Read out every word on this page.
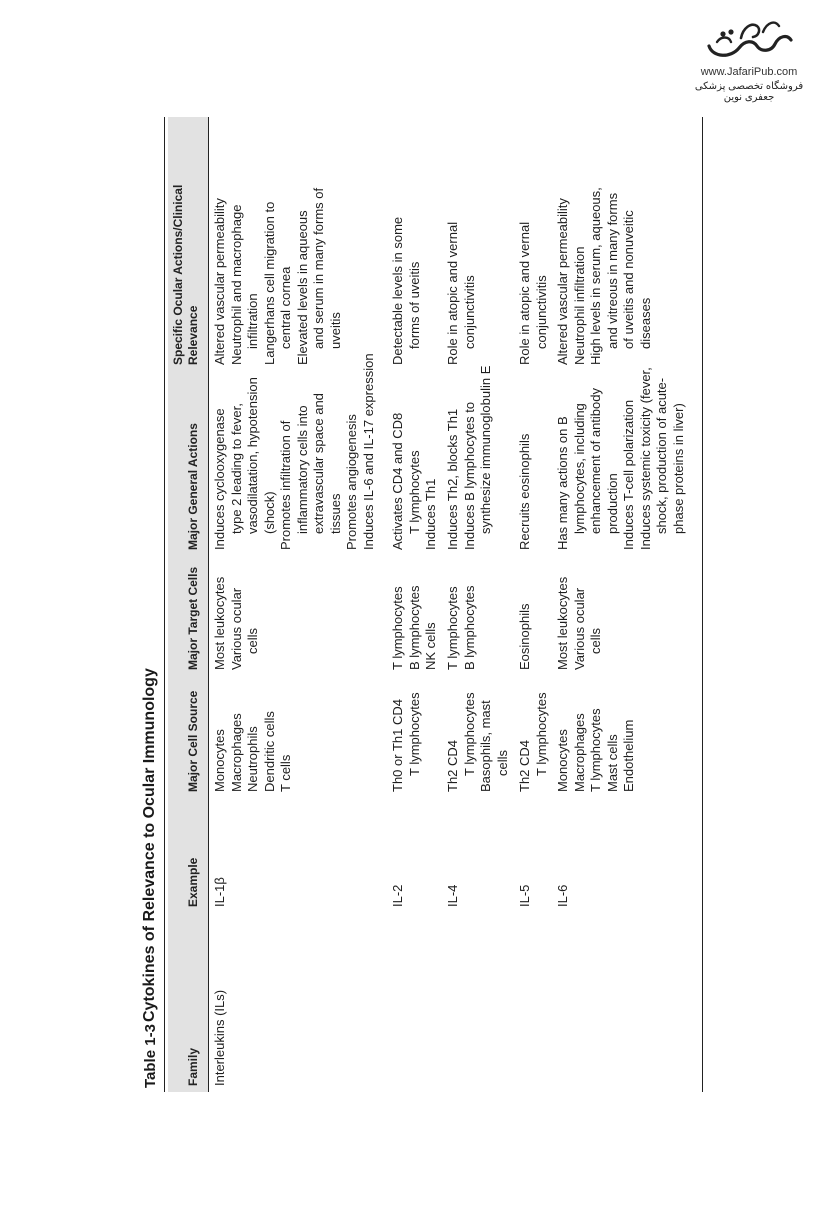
www.JafariPub.com
فروشگاه تخصصی پزشکی جعفری نوین
Table 1-3
Cytokines of Relevance to Ocular Immunology
Family
Example
Major Cell Source
Major Target Cells
Major General Actions
Specific Ocular Actions/Clinical Relevance
Interleukins (ILs)
IL-1β
Monocytes Macrophages Neutrophils Dendritic cells T cells
Most leukocytes Various ocular cells
Induces cyclooxygenase type 2 leading to fever, vasodilatation, hypotension (shock) Promotes infiltration of inflammatory cells into extravascular space and tissues Promotes angiogenesis Induces IL-6 and IL-17 expression
Altered vascular permeability Neutrophil and macrophage infiltration Langerhans cell migration to central cornea Elevated levels in aqueous and serum in many forms of uveitis
IL-2
Th0 or Th1 CD4 T lymphocytes
T lymphocytes B lymphocytes NK cells
Activates CD4 and CD8 T lymphocytes Induces Th1
Detectable levels in some forms of uveitis
IL-4
Th2 CD4 T lymphocytes Basophils, mast cells
T lymphocytes B lymphocytes
Induces Th2, blocks Th1 Induces B lymphocytes to synthesize immunoglobulin E
Role in atopic and vernal conjunctivitis
IL-5
Th2 CD4 T lymphocytes
Eosinophils
Recruits eosinophils
Role in atopic and vernal conjunctivitis
IL-6
Monocytes Macrophages T lymphocytes Mast cells Endothelium
Most leukocytes Various ocular cells
Has many actions on B lymphocytes, including enhancement of antibody production Induces T-cell polarization Induces systemic toxicity (fever, shock, production of acute- phase proteins in liver)
Altered vascular permeability Neutrophil infiltration High levels in serum, aqueous, and vitreous in many forms of uveitis and nonuveitic diseases
